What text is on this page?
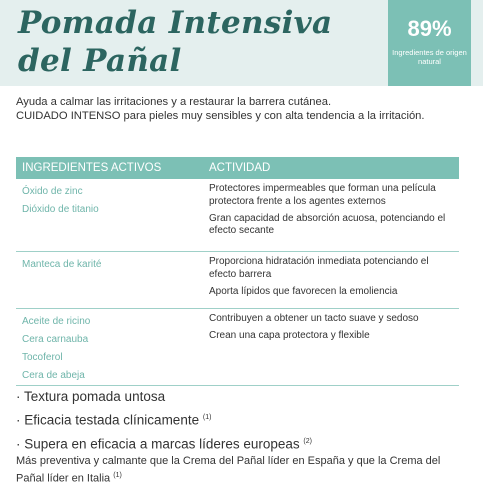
Pomada Intensiva
del Pañal
89%
Ingredientes de origen natural
Ayuda a calmar las irritaciones y a restaurar la barrera cutánea.
CUIDADO INTENSO para pieles muy sensibles y con alta tendencia a la irritación.
INGREDIENTES ACTIVOS	ACTIVIDAD
Óxido de zinc
Dióxido de titanio

Protectores impermeables que forman una película protectora frente a los agentes externos

Gran capacidad de absorción acuosa, potenciando el efecto secante

Manteca de karité	Proporciona hidratación inmediata potenciando el efecto barrera

Aporta lípidos que favorecen la emoliencia

Aceite de ricino
Cera carnauba
Tocoferol
Cera de abeja

Contribuyen a obtener un tacto suave y sedoso

Crean una capa protectora y flexible

· Textura pomada untosa
· Eficacia testada clínicamente $^{(1)}$
· Supera en eficacia a marcas líderes europeas $^{(2)}$
Más preventiva y calmante que la Crema del Pañal líder en España y que la Crema del Pañal líder en Italia $^{(1)}$
